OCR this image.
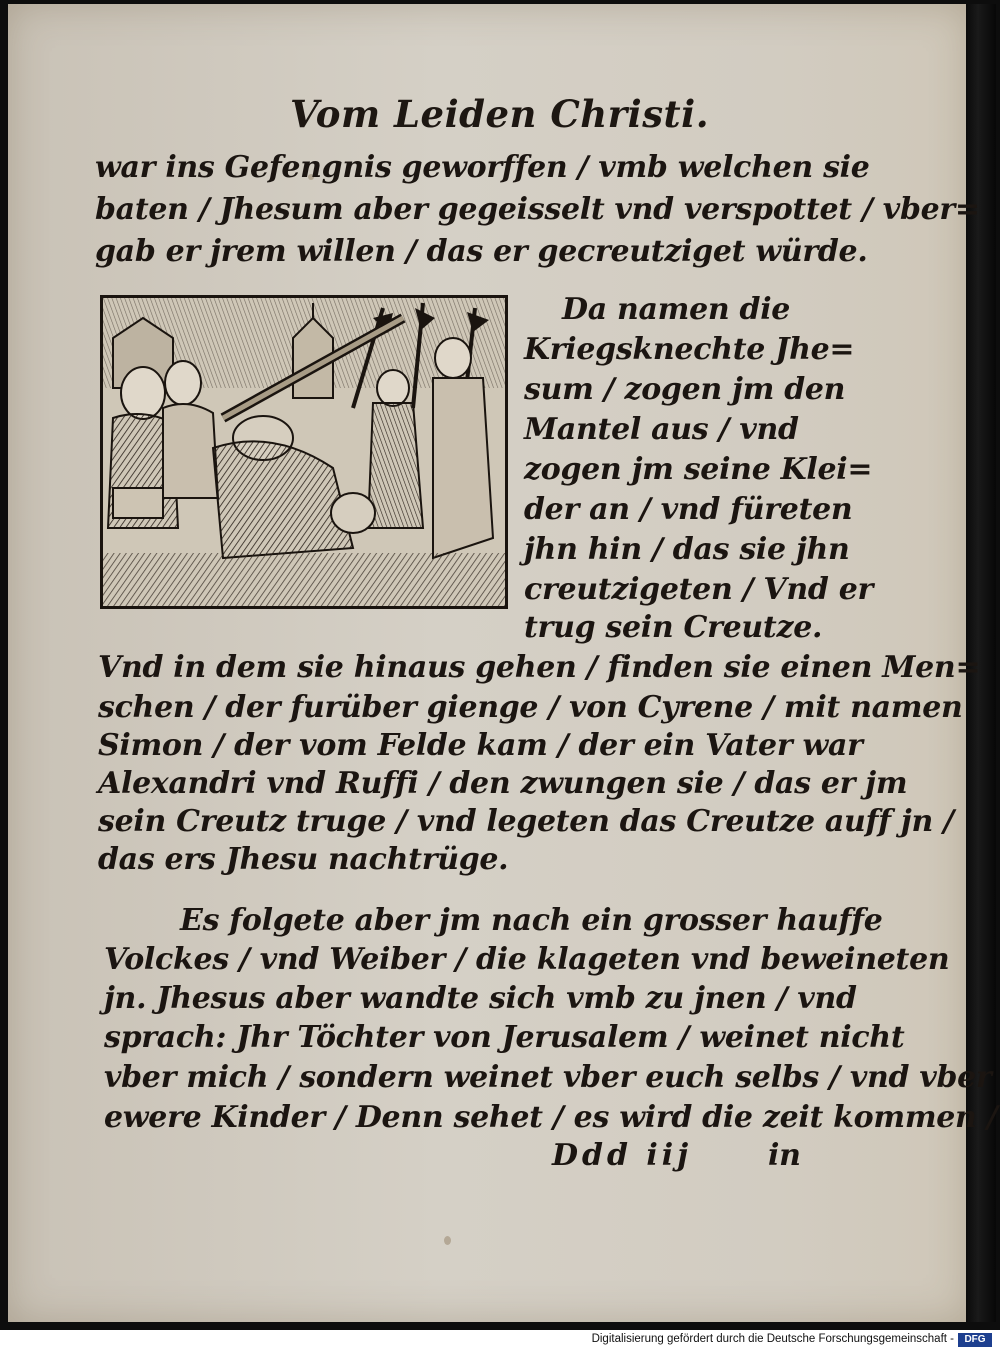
Vom Leiden Christi.
war ins Gefengnis geworffen / vmb welchen sie
baten / Jhesum aber gegeisselt vnd verspottet / vber=
gab er jrem willen / das er gecreutziget würde.
Da namen die
Kriegsknechte Jhe=
sum / zogen jm den
Mantel aus / vnd
zogen jm seine Klei=
der an / vnd füreten
jhn hin / das sie jhn
creutzigeten / Vnd er
trug sein Creutze.
Vnd in dem sie hinaus gehen / finden sie einen Men=
schen / der furüber gienge / von Cyrene / mit namen
Simon / der vom Felde kam / der ein Vater war
Alexandri vnd Ruffi / den zwungen sie / das er jm
sein Creutz truge / vnd legeten das Creutze auff jn /
das ers Jhesu nachtrüge.
Es folgete aber jm nach ein grosser hauffe
Volckes / vnd Weiber / die klageten vnd beweineten
jn. Jhesus aber wandte sich vmb zu jnen / vnd
sprach: Jhr Töchter von Jerusalem / weinet nicht
vber mich / sondern weinet vber euch selbs / vnd vber
ewere Kinder / Denn sehet / es wird die zeit kommen /
Ddd iij	in
Digitalisierung gefördert durch die Deutsche Forschungsgemeinschaft -	DFG
